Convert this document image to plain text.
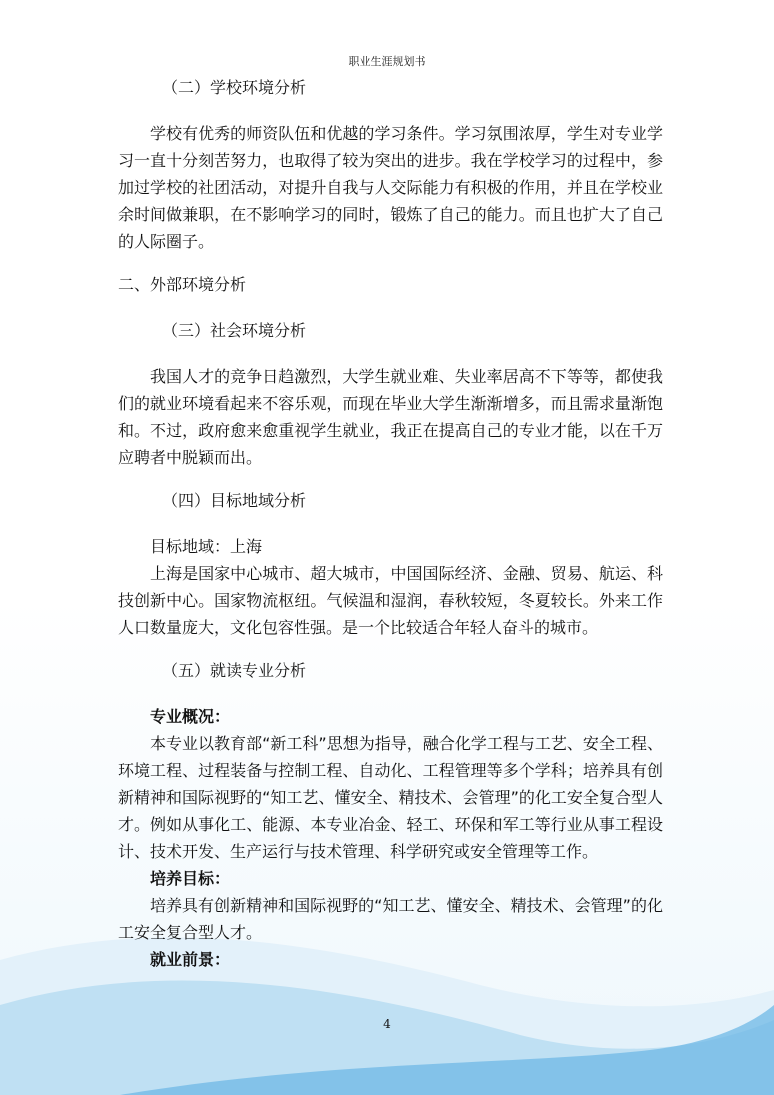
职业生涯规划书
（二）学校环境分析
学校有优秀的师资队伍和优越的学习条件。学习氛围浓厚，学生对专业学习一直十分刻苦努力，也取得了较为突出的进步。我在学校学习的过程中，参加过学校的社团活动，对提升自我与人交际能力有积极的作用，并且在学校业余时间做兼职，在不影响学习的同时，锻炼了自己的能力。而且也扩大了自己的人际圈子。
二、外部环境分析
（三）社会环境分析
我国人才的竞争日趋激烈，大学生就业难、失业率居高不下等等，都使我们的就业环境看起来不容乐观，而现在毕业大学生渐渐增多，而且需求量渐饱和。不过，政府愈来愈重视学生就业，我正在提高自己的专业才能，以在千万应聘者中脱颖而出。
（四）目标地域分析
目标地域：上海
上海是国家中心城市、超大城市，中国国际经济、金融、贸易、航运、科技创新中心。国家物流枢纽。气候温和湿润，春秋较短，冬夏较长。外来工作人口数量庞大，文化包容性强。是一个比较适合年轻人奋斗的城市。
（五）就读专业分析
专业概况：
本专业以教育部“新工科”思想为指导，融合化学工程与工艺、安全工程、环境工程、过程装备与控制工程、自动化、工程管理等多个学科；培养具有创新精神和国际视野的“知工艺、懂安全、精技术、会管理”的化工安全复合型人才。例如从事化工、能源、本专业冶金、轻工、环保和军工等行业从事工程设计、技术开发、生产运行与技术管理、科学研究或安全管理等工作。
培养目标：
培养具有创新精神和国际视野的“知工艺、懂安全、精技术、会管理”的化工安全复合型人才。
就业前景：
4
